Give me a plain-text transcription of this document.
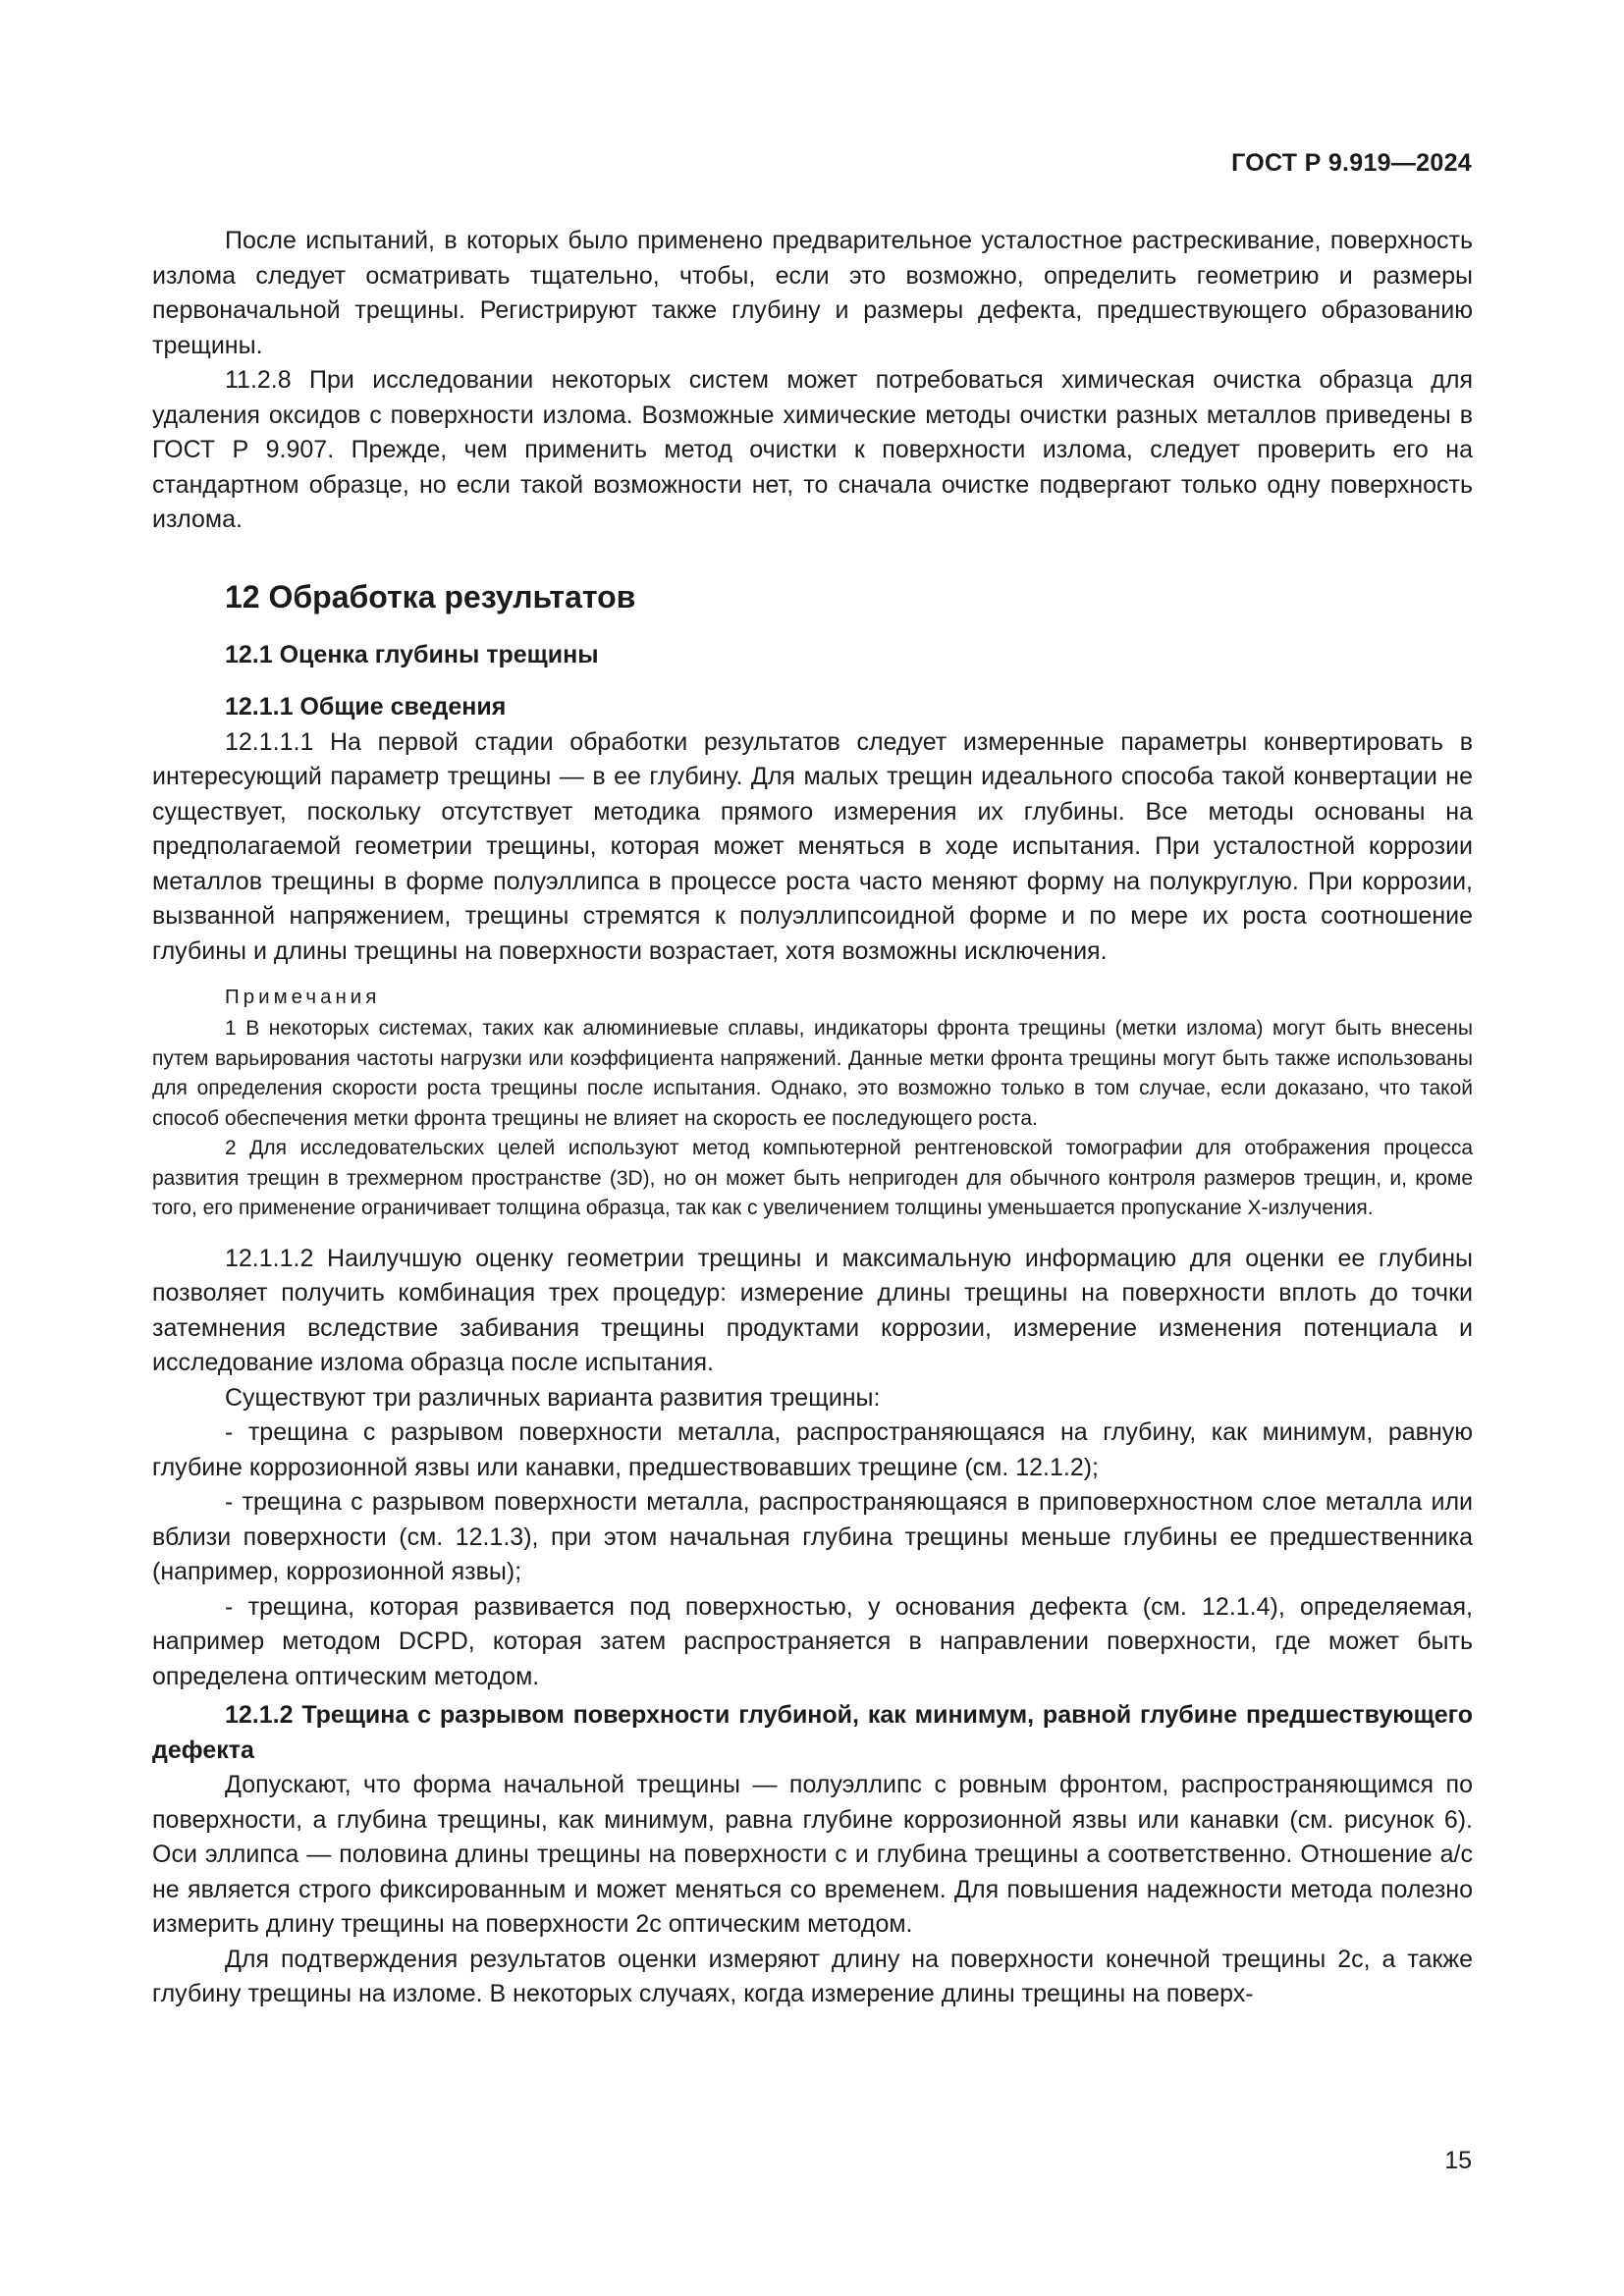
ГОСТ Р 9.919—2024

После испытаний, в которых было применено предварительное усталостное растрескивание, поверхность излома следует осматривать тщательно, чтобы, если это возможно, определить геометрию и размеры первоначальной трещины. Регистрируют также глубину и размеры дефекта, предшествующего образованию трещины.

11.2.8 При исследовании некоторых систем может потребоваться химическая очистка образца для удаления оксидов с поверхности излома. Возможные химические методы очистки разных металлов приведены в ГОСТ Р 9.907. Прежде, чем применить метод очистки к поверхности излома, следует проверить его на стандартном образце, но если такой возможности нет, то сначала очистке подвергают только одну поверхность излома.

12 Обработка результатов
12.1 Оценка глубины трещины
12.1.1 Общие сведения

12.1.1.1 На первой стадии обработки результатов следует измеренные параметры конвертировать в интересующий параметр трещины — в ее глубину. Для малых трещин идеального способа такой конвертации не существует, поскольку отсутствует методика прямого измерения их глубины. Все методы основаны на предполагаемой геометрии трещины, которая может меняться в ходе испытания. При усталостной коррозии металлов трещины в форме полуэллипса в процессе роста часто меняют форму на полукруглую. При коррозии, вызванной напряжением, трещины стремятся к полуэллипсоидной форме и по мере их роста соотношение глубины и длины трещины на поверхности возрастает, хотя возможны исключения.

Примечания

1 В некоторых системах, таких как алюминиевые сплавы, индикаторы фронта трещины (метки излома) могут быть внесены путем варьирования частоты нагрузки или коэффициента напряжений. Данные метки фронта трещины могут быть также использованы для определения скорости роста трещины после испытания. Однако, это возможно только в том случае, если доказано, что такой способ обеспечения метки фронта трещины не влияет на скорость ее последующего роста.

2 Для исследовательских целей используют метод компьютерной рентгеновской томографии для отображения процесса развития трещин в трехмерном пространстве (3D), но он может быть непригоден для обычного контроля размеров трещин, и, кроме того, его применение ограничивает толщина образца, так как с увеличением толщины уменьшается пропускание Х-излучения.

12.1.1.2 Наилучшую оценку геометрии трещины и максимальную информацию для оценки ее глубины позволяет получить комбинация трех процедур: измерение длины трещины на поверхности вплоть до точки затемнения вследствие забивания трещины продуктами коррозии, измерение изменения потенциала и исследование излома образца после испытания.

Существуют три различных варианта развития трещины:

- трещина с разрывом поверхности металла, распространяющаяся на глубину, как минимум, равную глубине коррозионной язвы или канавки, предшествовавших трещине (см. 12.1.2);

- трещина с разрывом поверхности металла, распространяющаяся в приповерхностном слое металла или вблизи поверхности (см. 12.1.3), при этом начальная глубина трещины меньше глубины ее предшественника (например, коррозионной язвы);

- трещина, которая развивается под поверхностью, у основания дефекта (см. 12.1.4), определяемая, например методом DCPD, которая затем распространяется в направлении поверхности, где может быть определена оптическим методом.

12.1.2 Трещина с разрывом поверхности глубиной, как минимум, равной глубине предшествующего дефекта

Допускают, что форма начальной трещины — полуэллипс с ровным фронтом, распространяющимся по поверхности, а глубина трещины, как минимум, равна глубине коррозионной язвы или канавки (см. рисунок 6). Оси эллипса — половина длины трещины на поверхности c и глубина трещины a соответственно. Отношение a/c не является строго фиксированным и может меняться со временем. Для повышения надежности метода полезно измерить длину трещины на поверхности 2c оптическим методом.

Для подтверждения результатов оценки измеряют длину на поверхности конечной трещины 2c, а также глубину трещины на изломе. В некоторых случаях, когда измерение длины трещины на поверх-

15
